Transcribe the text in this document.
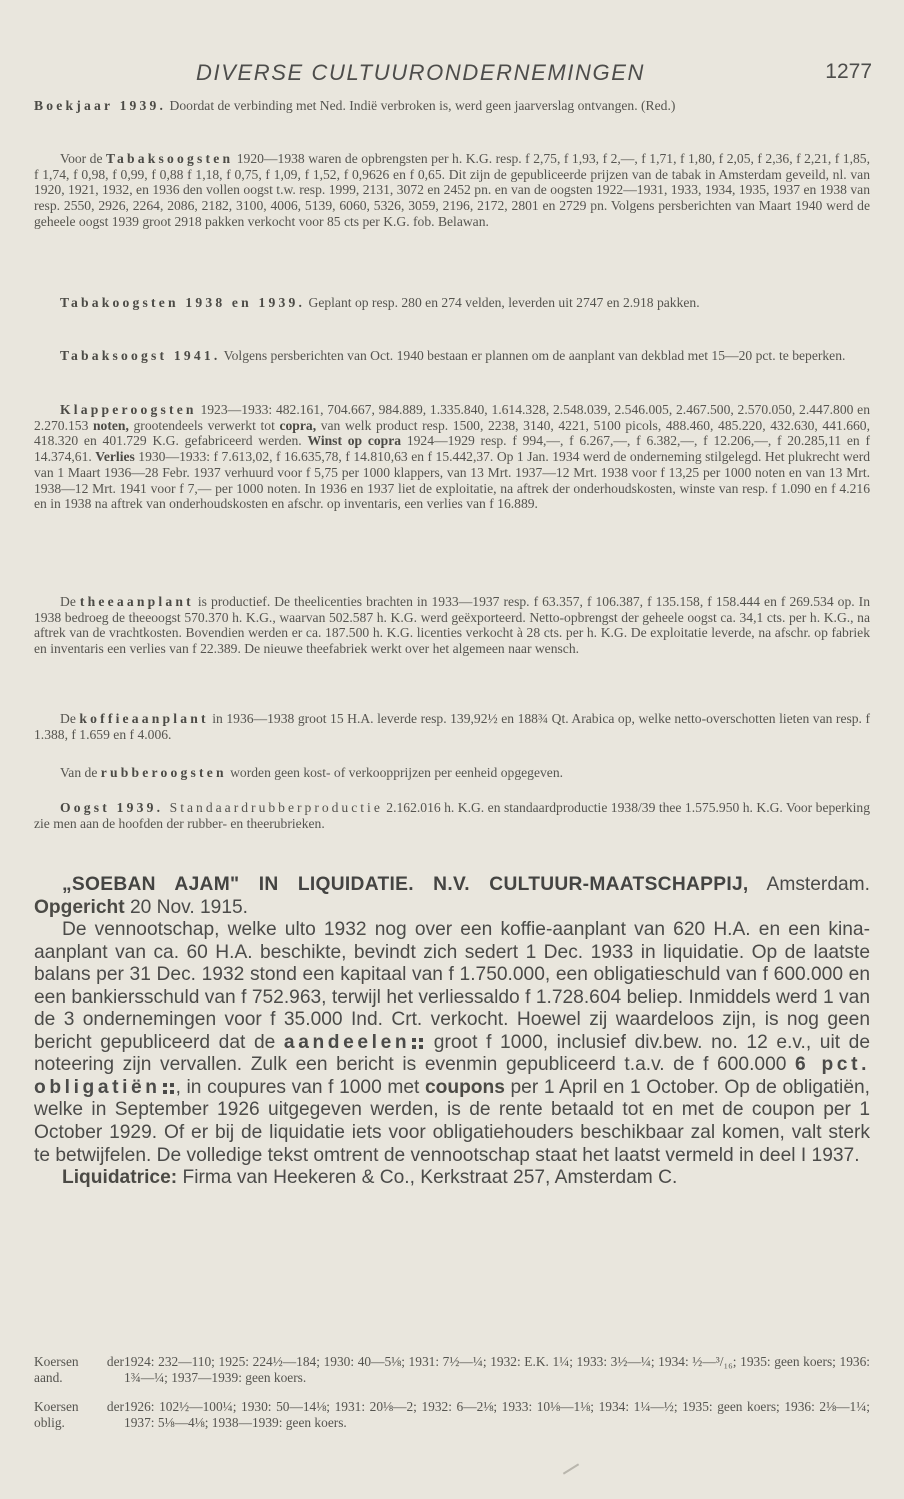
DIVERSE CULTUURONDERNEMINGEN	1277

Boekjaar 1939. Doordat de verbinding met Ned. Indië verbroken is, werd geen jaarverslag ontvangen. (Red.)

Voor de Tabaksoogsten 1920—1938 waren de opbrengsten per h. K.G. resp. f 2,75, f 1,93, f 2,—, f 1,71, f 1,80, f 2,05, f 2,36, f 2,21, f 1,85, f 1,74, f 0,98, f 0,99, f 0,88 f 1,18, f 0,75, f 1,09, f 1,52, f 0,9626 en f 0,65. Dit zijn de gepubliceerde prijzen van de tabak in Amsterdam geveild, nl. van 1920, 1921, 1932, en 1936 den vollen oogst t.w. resp. 1999, 2131, 3072 en 2452 pn. en van de oogsten 1922—1931, 1933, 1934, 1935, 1937 en 1938 van resp. 2550, 2926, 2264, 2086, 2182, 3100, 4006, 5139, 6060, 5326, 3059, 2196, 2172, 2801 en 2729 pn. Volgens persberichten van Maart 1940 werd de geheele oogst 1939 groot 2918 pakken verkocht voor 85 cts per K.G. fob. Belawan.

Tabakoogsten 1938 en 1939. Geplant op resp. 280 en 274 velden, leverden uit 2747 en 2.918 pakken.

Tabaksoogst 1941. Volgens persberichten van Oct. 1940 bestaan er plannen om de aanplant van dekblad met 15—20 pct. te beperken.

Klapperoogsten 1923—1933: 482.161, 704.667, 984.889, 1.335.840, 1.614.328, 2.548.039, 2.546.005, 2.467.500, 2.570.050, 2.447.800 en 2.270.153 noten, grootendeels verwerkt tot copra, van welk product resp. 1500, 2238, 3140, 4221, 5100 picols, 488.460, 485.220, 432.630, 441.660, 418.320 en 401.729 K.G. gefabriceerd werden. Winst op copra 1924—1929 resp. f 994,—, f 6.267,—, f 6.382,—, f 12.206,—, f 20.285,11 en f 14.374,61. Verlies 1930—1933: f 7.613,02, f 16.635,78, f 14.810,63 en f 15.442,37. Op 1 Jan. 1934 werd de onderneming stilgelegd. Het plukrecht werd van 1 Maart 1936—28 Febr. 1937 verhuurd voor f 5,75 per 1000 klappers, van 13 Mrt. 1937—12 Mrt. 1938 voor f 13,25 per 1000 noten en van 13 Mrt. 1938—12 Mrt. 1941 voor f 7,— per 1000 noten. In 1936 en 1937 liet de exploitatie, na aftrek der onderhoudskosten, winste van resp. f 1.090 en f 4.216 en in 1938 na aftrek van onderhoudskosten en afschr. op inventaris, een verlies van f 16.889.

De theeaanplant is productief. De theelicenties brachten in 1933—1937 resp. f 63.357, f 106.387, f 135.158, f 158.444 en f 269.534 op. In 1938 bedroeg de theeoogst 570.370 h. K.G., waarvan 502.587 h. K.G. werd geëxporteerd. Netto-opbrengst der geheele oogst ca. 34,1 cts. per h. K.G., na aftrek van de vrachtkosten. Bovendien werden er ca. 187.500 h. K.G. licenties verkocht à 28 cts. per h. K.G. De exploitatie leverde, na afschr. op fabriek en inventaris een verlies van f 22.389. De nieuwe theefabriek werkt over het algemeen naar wensch.

De koffieaanplant in 1936—1938 groot 15 H.A. leverde resp. 139,92½ en 188¾ Qt. Arabica op, welke netto-overschotten lieten van resp. f 1.388, f 1.659 en f 4.006.

Van de rubberoogsten worden geen kost- of verkoopprijzen per eenheid opgegeven.

Oogst 1939. Standaardrubberproductie 2.162.016 h. K.G. en standaardproductie 1938/39 thee 1.575.950 h. K.G. Voor beperking zie men aan de hoofden der rubber- en theerubrieken.

„SOEBAN AJAM" IN LIQUIDATIE. N.V. CULTUUR-MAATSCHAPPIJ, Amsterdam. Opgericht 20 Nov. 1915.

De vennootschap, welke ulto 1932 nog over een koffie-aanplant van 620 H.A. en een kina-aanplant van ca. 60 H.A. beschikte, bevindt zich sedert 1 Dec. 1933 in liquidatie. Op de laatste balans per 31 Dec. 1932 stond een kapitaal van f 1.750.000, een obligatieschuld van f 600.000 en een bankiersschuld van f 752.963, terwijl het verliessaldo f 1.728.604 beliep. Inmiddels werd 1 van de 3 ondernemingen voor f 35.000 Ind. Crt. verkocht. Hoewel zij waardeloos zijn, is nog geen bericht gepubliceerd dat de aandeelen groot f 1000, inclusief div.bew. no. 12 e.v., uit de noteering zijn vervallen. Zulk een bericht is evenmin gepubliceerd t.a.v. de f 600.000 6 pct. obligatiën , in coupures van f 1000 met coupons per 1 April en 1 October. Op de obligatiën, welke in September 1926 uitgegeven werden, is de rente betaald tot en met de coupon per 1 October 1929. Of er bij de liquidatie iets voor obligatiehouders beschikbaar zal komen, valt sterk te betwijfelen. De volledige tekst omtrent de vennootschap staat het laatst vermeld in deel I 1937.

Liquidatrice: Firma van Heekeren & Co., Kerkstraat 257, Amsterdam C.

Koersen der aand.
1924: 232—110; 1925: 224½—184; 1930: 40—5⅛; 1931: 7½—¼; 1932: E.K. 1¼; 1933: 3½—¼; 1934: ½—³/₁₆; 1935: geen koers; 1936: 1¾—¼; 1937—1939: geen koers.
Koersen der oblig.
1926: 102½—100¼; 1930: 50—14⅛; 1931: 20⅛—2; 1932: 6—2⅛; 1933: 10⅛—1⅛; 1934: 1¼—½; 1935: geen koers; 1936: 2⅛—1¼; 1937: 5⅛—4⅛; 1938—1939: geen koers.
